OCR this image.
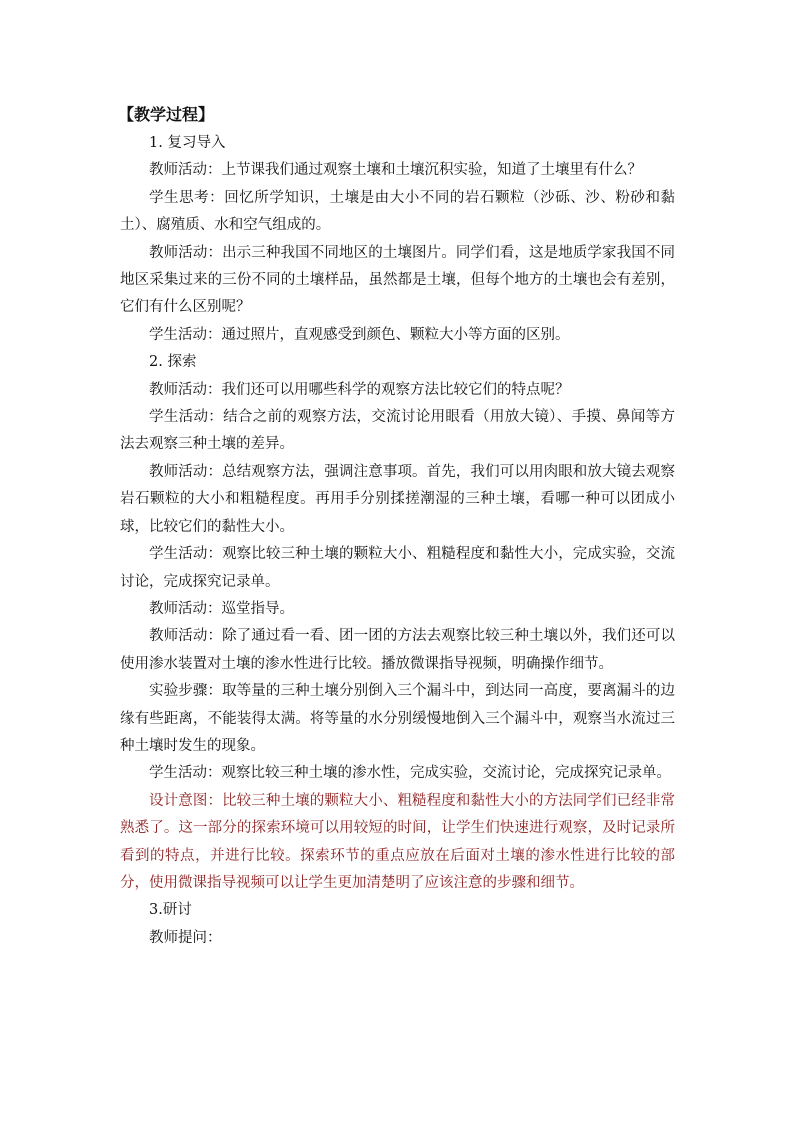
【教学过程】

1. 复习导入

教师活动：上节课我们通过观察土壤和土壤沉积实验，知道了土壤里有什么？

学生思考：回忆所学知识，土壤是由大小不同的岩石颗粒（沙砾、沙、粉砂和黏土）、腐殖质、水和空气组成的。

教师活动：出示三种我国不同地区的土壤图片。同学们看，这是地质学家我国不同地区采集过来的三份不同的土壤样品，虽然都是土壤，但每个地方的土壤也会有差别，它们有什么区别呢？

学生活动：通过照片，直观感受到颜色、颗粒大小等方面的区别。

2. 探索

教师活动：我们还可以用哪些科学的观察方法比较它们的特点呢？

学生活动：结合之前的观察方法，交流讨论用眼看（用放大镜）、手摸、鼻闻等方法去观察三种土壤的差异。

教师活动：总结观察方法，强调注意事项。首先，我们可以用肉眼和放大镜去观察岩石颗粒的大小和粗糙程度。再用手分别揉搓潮湿的三种土壤，看哪一种可以团成小球，比较它们的黏性大小。

学生活动：观察比较三种土壤的颗粒大小、粗糙程度和黏性大小，完成实验，交流讨论，完成探究记录单。

教师活动：巡堂指导。

教师活动：除了通过看一看、团一团的方法去观察比较三种土壤以外，我们还可以使用渗水装置对土壤的渗水性进行比较。播放微课指导视频，明确操作细节。

实验步骤：取等量的三种土壤分别倒入三个漏斗中，到达同一高度，要离漏斗的边缘有些距离，不能装得太满。将等量的水分别缓慢地倒入三个漏斗中，观察当水流过三种土壤时发生的现象。

学生活动：观察比较三种土壤的渗水性，完成实验，交流讨论，完成探究记录单。

设计意图：比较三种土壤的颗粒大小、粗糙程度和黏性大小的方法同学们已经非常熟悉了。这一部分的探索环境可以用较短的时间，让学生们快速进行观察，及时记录所看到的特点，并进行比较。探索环节的重点应放在后面对土壤的渗水性进行比较的部分，使用微课指导视频可以让学生更加清楚明了应该注意的步骤和细节。

3.研讨

教师提问：
